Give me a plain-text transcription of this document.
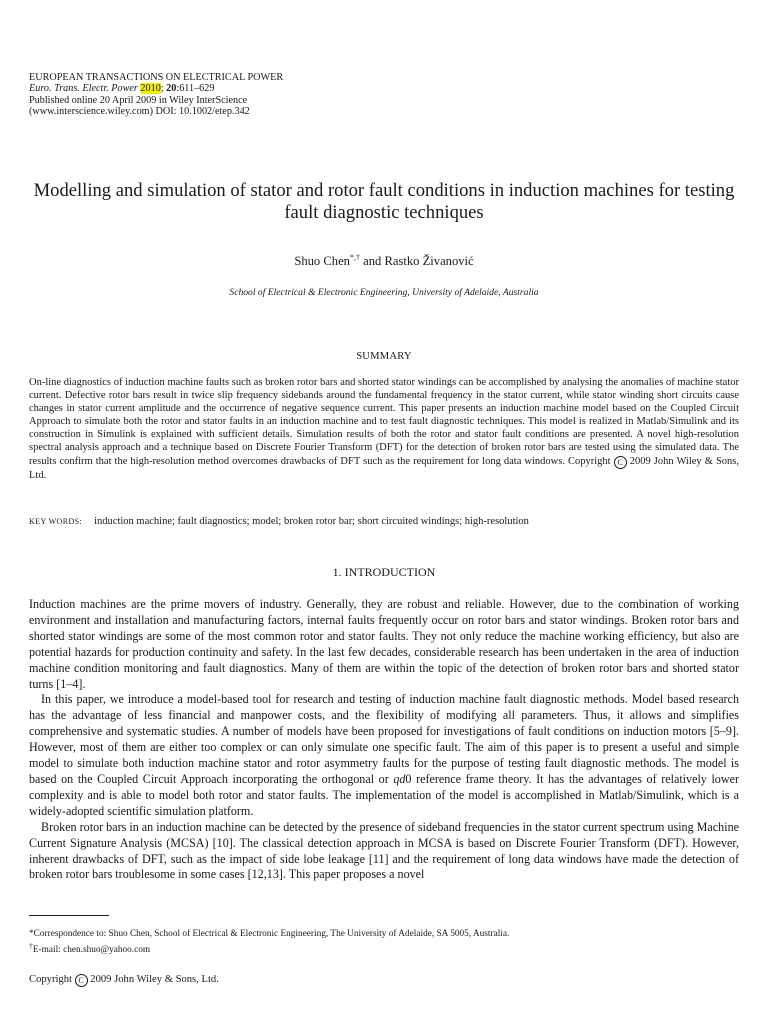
EUROPEAN TRANSACTIONS ON ELECTRICAL POWER
Euro. Trans. Electr. Power 2010; 20:611–629
Published online 20 April 2009 in Wiley InterScience
(www.interscience.wiley.com) DOI: 10.1002/etep.342
Modelling and simulation of stator and rotor fault conditions in induction machines for testing fault diagnostic techniques
Shuo Chen*,† and Rastko Živanović
School of Electrical & Electronic Engineering, University of Adelaide, Australia
SUMMARY
On-line diagnostics of induction machine faults such as broken rotor bars and shorted stator windings can be accomplished by analysing the anomalies of machine stator current. Defective rotor bars result in twice slip frequency sidebands around the fundamental frequency in the stator current, while stator winding short circuits cause changes in stator current amplitude and the occurrence of negative sequence current. This paper presents an induction machine model based on the Coupled Circuit Approach to simulate both the rotor and stator faults in an induction machine and to test fault diagnostic techniques. This model is realized in Matlab/Simulink and its construction in Simulink is explained with sufficient details. Simulation results of both the rotor and stator fault conditions are presented. A novel high-resolution spectral analysis approach and a technique based on Discrete Fourier Transform (DFT) for the detection of broken rotor bars are tested using the simulated data. The results confirm that the high-resolution method overcomes drawbacks of DFT such as the requirement for long data windows. Copyright C 2009 John Wiley & Sons, Ltd.
KEY WORDS: induction machine; fault diagnostics; model; broken rotor bar; short circuited windings; high-resolution
1. INTRODUCTION

Induction machines are the prime movers of industry. Generally, they are robust and reliable. However, due to the combination of working environment and installation and manufacturing factors, internal faults frequently occur on rotor bars and stator windings. Broken rotor bars and shorted stator windings are some of the most common rotor and stator faults. They not only reduce the machine working efficiency, but also are potential hazards for production continuity and safety. In the last few decades, considerable research has been undertaken in the area of induction machine condition monitoring and fault diagnostics. Many of them are within the topic of the detection of broken rotor bars and shorted stator turns [1–4].

In this paper, we introduce a model-based tool for research and testing of induction machine fault diagnostic methods. Model based research has the advantage of less financial and manpower costs, and the flexibility of modifying all parameters. Thus, it allows and simplifies comprehensive and systematic studies. A number of models have been proposed for investigations of fault conditions on induction motors [5–9]. However, most of them are either too complex or can only simulate one specific fault. The aim of this paper is to present a useful and simple model to simulate both induction machine stator and rotor asymmetry faults for the purpose of testing fault diagnostic methods. The model is based on the Coupled Circuit Approach incorporating the orthogonal or qd0 reference frame theory. It has the advantages of relatively lower complexity and is able to model both rotor and stator faults. The implementation of the model is accomplished in Matlab/Simulink, which is a widely-adopted scientific simulation platform.

Broken rotor bars in an induction machine can be detected by the presence of sideband frequencies in the stator current spectrum using Machine Current Signature Analysis (MCSA) [10]. The classical detection approach in MCSA is based on Discrete Fourier Transform (DFT). However, inherent drawbacks of DFT, such as the impact of side lobe leakage [11] and the requirement of long data windows have made the detection of broken rotor bars troublesome in some cases [12,13]. This paper proposes a novel

*Correspondence to: Shuo Chen, School of Electrical & Electronic Engineering, The University of Adelaide, SA 5005, Australia.
†E-mail: chen.shuo@yahoo.com
Copyright C 2009 John Wiley & Sons, Ltd.
